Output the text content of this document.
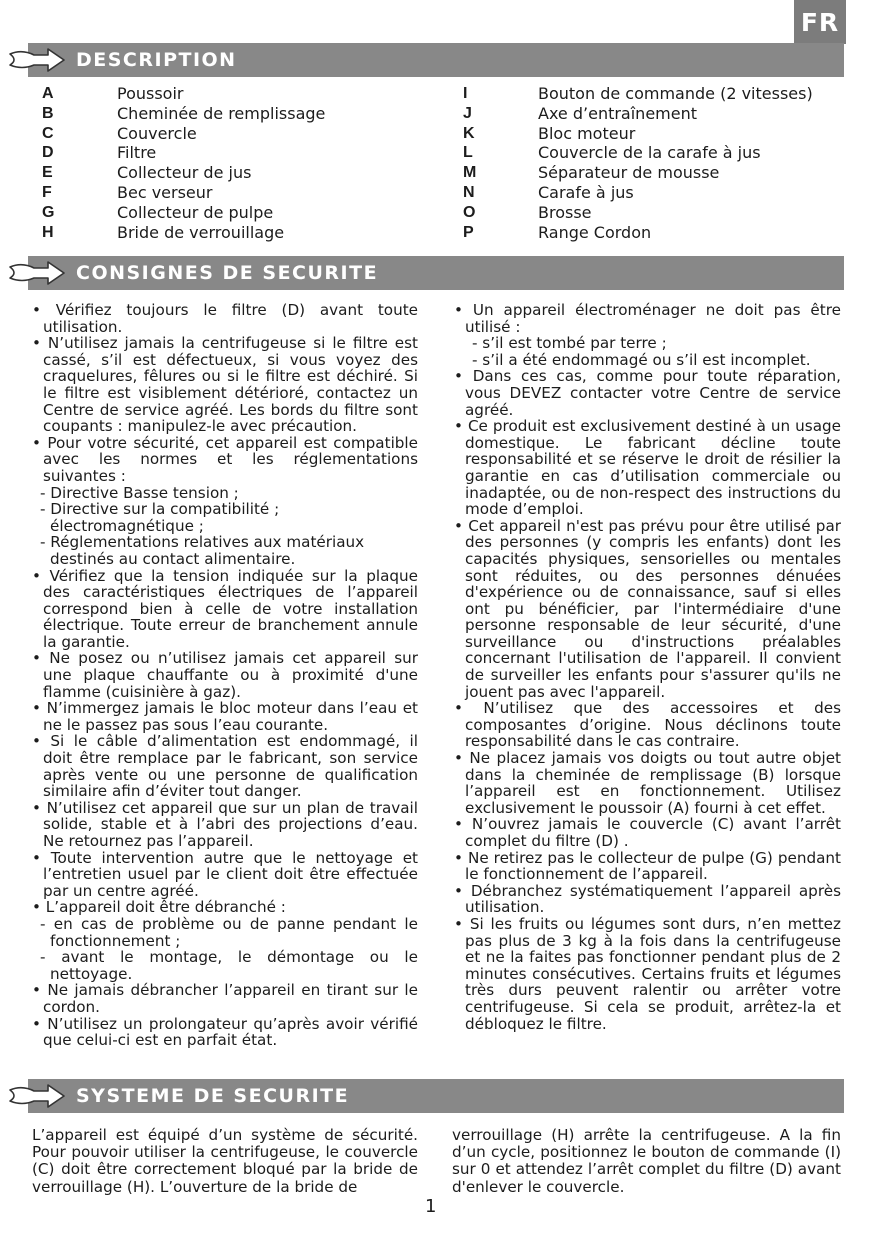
FR
DESCRIPTION
A	Poussoir
B	Cheminée de remplissage
C	Couvercle
D	Filtre
E	Collecteur de jus
F	Bec verseur
G	Collecteur de pulpe
H	Bride de verrouillage
I	Bouton de commande (2 vitesses)
J	Axe d’entraînement
K	Bloc moteur
L	Couvercle de la carafe à jus
M	Séparateur de mousse
N	Carafe à jus
O	Brosse
P	Range Cordon
CONSIGNES DE SECURITE

• Vérifiez toujours le filtre (D) avant toute utilisation.

• N’utilisez jamais la centrifugeuse si le filtre est cassé, s’il est défectueux, si vous voyez des craquelures, fêlures ou si le filtre est déchiré. Si le filtre est visiblement détérioré, contactez un Centre de service agréé. Les bords du filtre sont coupants : manipulez-le avec précaution.

• Pour votre sécurité, cet appareil est compatible avec les normes et les réglementations suivantes :

- Directive Basse tension ;

- Directive sur la compatibilité ; électromagnétique ;

- Réglementations relatives aux matériaux destinés au contact alimentaire.

• Vérifiez que la tension indiquée sur la plaque des caractéristiques électriques de l’appareil correspond bien à celle de votre installation électrique. Toute erreur de branchement annule la garantie.

• Ne posez ou n’utilisez jamais cet appareil sur une plaque chauffante ou à proximité d'une flamme (cuisinière à gaz).

• N’immergez jamais le bloc moteur dans l’eau et ne le passez pas sous l’eau courante.

• Si le câble d’alimentation est endommagé, il doit être remplace par le fabricant, son service après vente ou une personne de qualification similaire afin d’éviter tout danger.

• N’utilisez cet appareil que sur un plan de travail solide, stable et à l’abri des projections d’eau. Ne retournez pas l’appareil.

• Toute intervention autre que le nettoyage et l’entretien usuel par le client doit être effectuée par un centre agréé.

• L’appareil doit être débranché :

- en cas de problème ou de panne pendant le fonctionnement ;

- avant le montage, le démontage ou le nettoyage.

• Ne jamais débrancher l’appareil en tirant sur le cordon.

• N’utilisez un prolongateur qu’après avoir vérifié que celui-ci est en parfait état.

• Un appareil électroménager ne doit pas être utilisé :

- s’il est tombé par terre ;

- s’il a été endommagé ou s’il est incomplet.

• Dans ces cas, comme pour toute réparation, vous DEVEZ contacter votre Centre de service agréé.

• Ce produit est exclusivement destiné à un usage domestique. Le fabricant décline toute responsabilité et se réserve le droit de résilier la garantie en cas d’utilisation commerciale ou inadaptée, ou de non-respect des instructions du mode d’emploi.

• Cet appareil n'est pas prévu pour être utilisé par des personnes (y compris les enfants) dont les capacités physiques, sensorielles ou mentales sont réduites, ou des personnes dénuées d'expérience ou de connaissance, sauf si elles ont pu bénéficier, par l'intermédiaire d'une personne responsable de leur sécurité, d'une surveillance ou d'instructions préalables concernant l'utilisation de l'appareil. Il convient de surveiller les enfants pour s'assurer qu'ils ne jouent pas avec l'appareil.

• N’utilisez que des accessoires et des composantes d’origine. Nous déclinons toute responsabilité dans le cas contraire.

• Ne placez jamais vos doigts ou tout autre objet dans la cheminée de remplissage (B) lorsque l’appareil est en fonctionnement. Utilisez exclusivement le poussoir (A) fourni à cet effet.

• N’ouvrez jamais le couvercle (C) avant l’arrêt complet du filtre (D) .

• Ne retirez pas le collecteur de pulpe (G) pendant le fonctionnement de l’appareil.

• Débranchez systématiquement l’appareil après utilisation.

• Si les fruits ou légumes sont durs, n’en mettez pas plus de 3 kg à la fois dans la centrifugeuse et ne la faites pas fonctionner pendant plus de 2 minutes consécutives. Certains fruits et légumes très durs peuvent ralentir ou arrêter votre centrifugeuse. Si cela se produit, arrêtez-la et débloquez le filtre.

SYSTEME DE SECURITE
L’appareil est équipé d’un système de sécurité. Pour pouvoir utiliser la centrifugeuse, le couvercle (C) doit être correctement bloqué par la bride de verrouillage (H). L’ouverture de la bride de
verrouillage (H) arrête la centrifugeuse. A la fin d’un cycle, positionnez le bouton de commande (I) sur 0 et attendez l’arrêt complet du filtre (D) avant d'enlever le couvercle.
1
